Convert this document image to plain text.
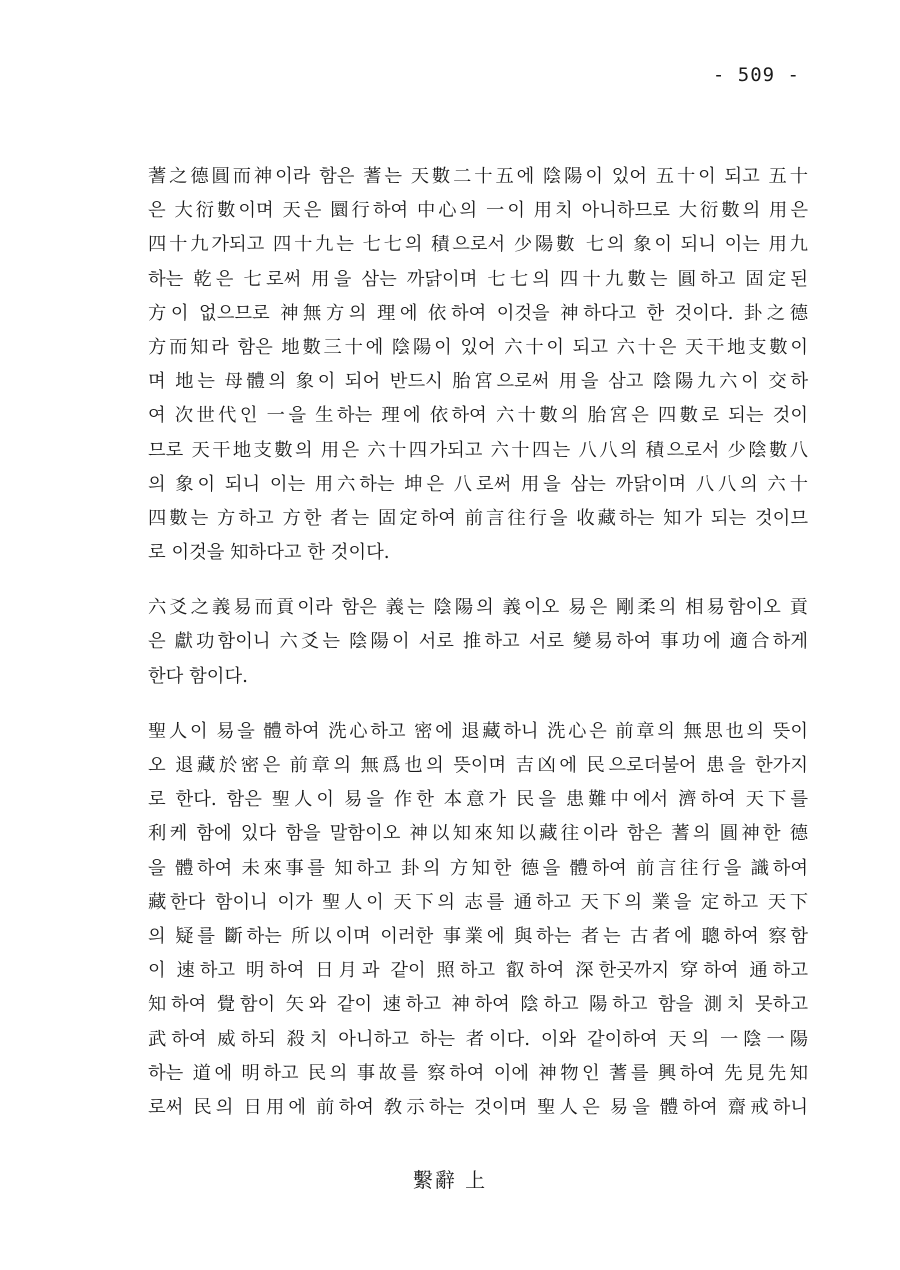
- 509 -
蓍之德圓而神이라 함은 蓍는 天數二十五에 陰陽이 있어 五十이 되고 五十
은 大衍數이며 天은 圜行하여 中心의 一이 用치 아니하므로 大衍數의 用은
四十九가되고 四十九는 七七의 積으로서 少陽數 七의 象이 되니 이는 用九
하는 乾은 七로써 用을 삼는 까닭이며 七七의 四十九數는 圓하고 固定된
方이 없으므로 神無方의 理에 依하여 이것을 神하다고 한 것이다. 卦之德
方而知라 함은 地數三十에 陰陽이 있어 六十이 되고 六十은 天干地支數이
며 地는 母體의 象이 되어 반드시 胎宮으로써 用을 삼고 陰陽九六이 交하
여 次世代인 一을 生하는 理에 依하여 六十數의 胎宮은 四數로 되는 것이
므로 天干地支數의 用은 六十四가되고 六十四는 八八의 積으로서 少陰數八
의 象이 되니 이는 用六하는 坤은 八로써 用을 삼는 까닭이며 八八의 六十
四數는 方하고 方한 者는 固定하여 前言往行을 收藏하는 知가 되는 것이므
로 이것을 知하다고 한 것이다.
六爻之義易而貢이라 함은 義는 陰陽의 義이오 易은 剛柔의 相易함이오 貢
은 獻功함이니 六爻는 陰陽이 서로 推하고 서로 變易하여 事功에 適合하게
한다 함이다.
聖人이 易을 體하여 洗心하고 密에 退藏하니 洗心은 前章의 無思也의 뜻이
오 退藏於密은 前章의 無爲也의 뜻이며 吉凶에 民으로더불어 患을 한가지
로 한다. 함은 聖人이 易을 作한 本意가 民을 患難中에서 濟하여 天下를
利케 함에 있다 함을 말함이오 神以知來知以藏往이라 함은 蓍의 圓神한 德
을 體하여 未來事를 知하고 卦의 方知한 德을 體하여 前言往行을 識하여
藏한다 함이니 이가 聖人이 天下의 志를 通하고 天下의 業을 定하고 天下
의 疑를 斷하는 所以이며 이러한 事業에 與하는 者는 古者에 聰하여 察함
이 速하고 明하여 日月과 같이 照하고 叡하여 深한곳까지 穿하여 通하고
知하여 覺함이 矢와 같이 速하고 神하여 陰하고 陽하고 함을 測치 못하고
武하여 威하되 殺치 아니하고 하는 者이다. 이와 같이하여 天의 一陰一陽
하는 道에 明하고 民의 事故를 察하여 이에 神物인 蓍를 興하여 先見先知
로써 民의 日用에 前하여 敎示하는 것이며 聖人은 易을 體하여 齋戒하니
繫辭 上
